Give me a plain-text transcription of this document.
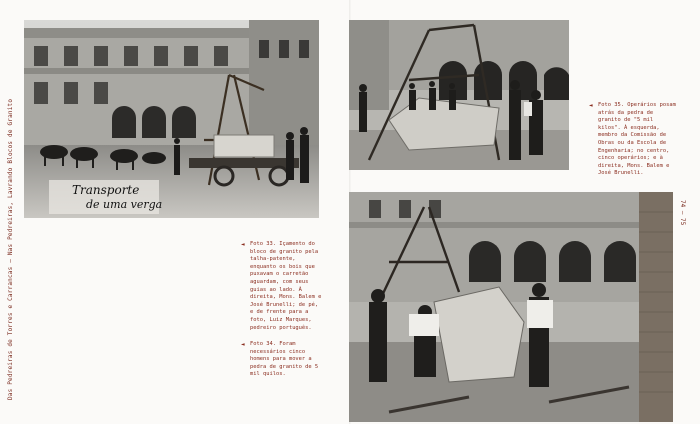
Das Pedreiras de Torres e Carrancas – Nas Pedreiras, Lavrando Blocos de Granito	Transporte
de uma verga
◄ Foto 33. Içamento do bloco de granito pela talha-patente, enquanto os bois que puxavam o carretão aguardam, com seus guias ao lado. À direita, Mons. Balem e José Brunelli; de pé, e de frente para a foto, Luiz Marques, pedreiro português.

◄ Foto 34. Foram necessários cinco homens para mover a pedra de granito de 5 mil quilos.

◄ Foto 35. Operários posam atrás da pedra de granito de "5 mil kilos". À esquerda, membro da Comissão de Obras ou da Escola de Engenharia; no centro, cinco operários; e à direita, Mons. Balem e José Brunelli.

74 – 75
